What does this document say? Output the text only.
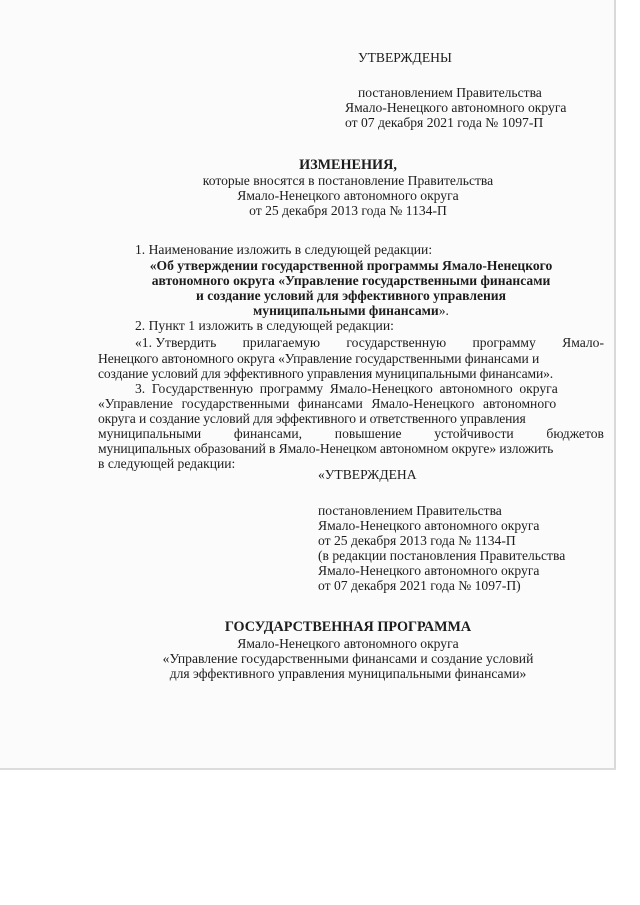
УТВЕРЖДЕНЫ
постановлением Правительства
Ямало-Ненецкого автономного округа
от 07 декабря 2021 года № 1097-П
ИЗМЕНЕНИЯ,
которые вносятся в постановление Правительства
Ямало-Ненецкого автономного округа
от 25 декабря 2013 года № 1134-П
1. Наименование изложить в следующей редакции:
«Об утверждении государственной программы Ямало-Ненецкого
автономного округа «Управление государственными финансами
и создание условий для эффективного управления
муниципальными финансами».
2. Пункт 1 изложить в следующей редакции:
«1. Утвердить прилагаемую государственную программу Ямало-
Ненецкого автономного округа «Управление государственными финансами и
создание условий для эффективного управления муниципальными финансами».
3. Государственную программу Ямало-Ненецкого автономного округа
«Управление государственными финансами Ямало-Ненецкого автономного
округа и создание условий для эффективного и ответственного управления
муниципальными финансами, повышение устойчивости бюджетов
муниципальных образований в Ямало-Ненецком автономном округе» изложить
в следующей редакции:
«УТВЕРЖДЕНА
постановлением Правительства
Ямало-Ненецкого автономного округа
от 25 декабря 2013 года № 1134-П
(в редакции постановления Правительства
Ямало-Ненецкого автономного округа
от 07 декабря 2021 года № 1097-П)
ГОСУДАРСТВЕННАЯ ПРОГРАММА
Ямало-Ненецкого автономного округа
«Управление государственными финансами и создание условий
для эффективного управления муниципальными финансами»
